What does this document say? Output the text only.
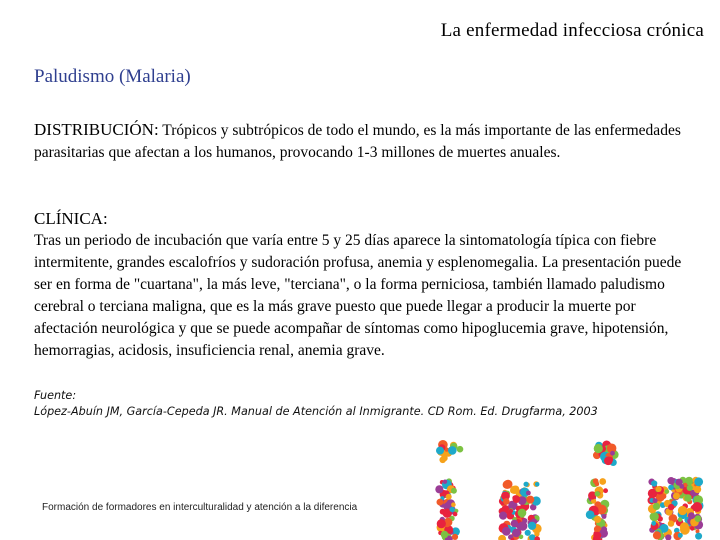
La enfermedad infecciosa crónica
Paludismo (Malaria)
DISTRIBUCIÓN: Trópicos y subtrópicos de todo el mundo, es la más importante de las enfermedades parasitarias que afectan a los humanos, provocando 1‑3 millones de muertes anuales.
CLÍNICA:
Tras un periodo de incubación que varía entre 5 y 25 días aparece la sintomatología típica con fiebre intermitente, grandes escalofríos y sudoración profusa, anemia y esplenomegalia. La presentación puede ser en forma de "cuartana", la más leve, "terciana", o la forma perniciosa, también llamado paludismo cerebral o terciana maligna, que es la más grave puesto que puede llegar a producir la muerte por afectación neurológica y que se puede acompañar de síntomas como hipoglucemia grave, hipotensión, hemorragias, acidosis, insuficiencia renal, anemia grave.
Fuente:
López-Abuín JM, García-Cepeda JR. Manual de Atención al Inmigrante. CD Rom. Ed. Drugfarma, 2003
Formación de formadores en interculturalidad y atención a la diferencia
